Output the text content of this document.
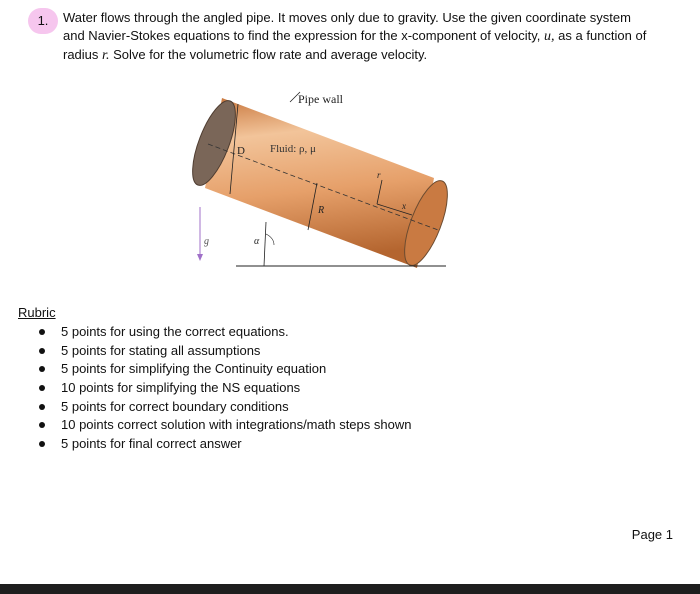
1.	Water flows through the angled pipe. It moves only due to gravity. Use the given coordinate system
and Navier-Stokes equations to find the expression for the x-component of velocity, u, as a function of
radius r. Solve for the volumetric flow rate and average velocity.
D
R
r
x
Pipe wall
Fluid: ρ, μ
g	α
Rubric
5 points for using the correct equations.
5 points for stating all assumptions
5 points for simplifying the Continuity equation
10 points for simplifying the NS equations
5 points for correct boundary conditions
10 points correct solution with integrations/math steps shown
5 points for final correct answer
Page 1
